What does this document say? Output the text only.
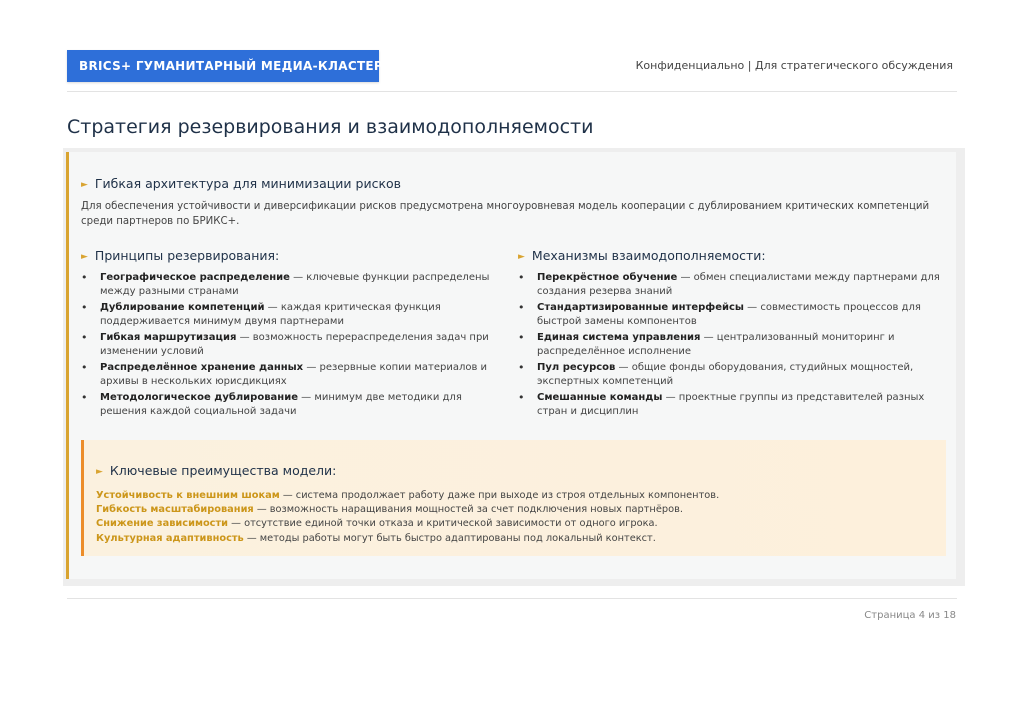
BRICS+ ГУМАНИТАРНЫЙ МЕДИА-КЛАСТЕР	Конфиденциально | Для стратегического обсуждения
Стратегия резервирования и взаимодополняемости
► Гибкая архитектура для минимизации рисков
Для обеспечения устойчивости и диверсификации рисков предусмотрена многоуровневая модель кооперации с дублированием критических компетенций среди партнеров по БРИКС+.
► Принципы резервирования:
• Географическое распределение — ключевые функции распределены между разными странами
• Дублирование компетенций — каждая критическая функция поддерживается минимум двумя партнерами
• Гибкая маршрутизация — возможность перераспределения задач при изменении условий
• Распределённое хранение данных — резервные копии материалов и архивы в нескольких юрисдикциях
• Методологическое дублирование — минимум две методики для решения каждой социальной задачи
► Механизмы взаимодополняемости:
• Перекрёстное обучение — обмен специалистами между партнерами для создания резерва знаний
• Стандартизированные интерфейсы — совместимость процессов для быстрой замены компонентов
• Единая система управления — централизованный мониторинг и распределённое исполнение
• Пул ресурсов — общие фонды оборудования, студийных мощностей, экспертных компетенций
• Смешанные команды — проектные группы из представителей разных стран и дисциплин
► Ключевые преимущества модели:

Устойчивость к внешним шокам — система продолжает работу даже при выходе из строя отдельных компонентов.

Гибкость масштабирования — возможность наращивания мощностей за счет подключения новых партнёров.

Снижение зависимости — отсутствие единой точки отказа и критической зависимости от одного игрока.

Культурная адаптивность — методы работы могут быть быстро адаптированы под локальный контекст.

Страница 4 из 18
